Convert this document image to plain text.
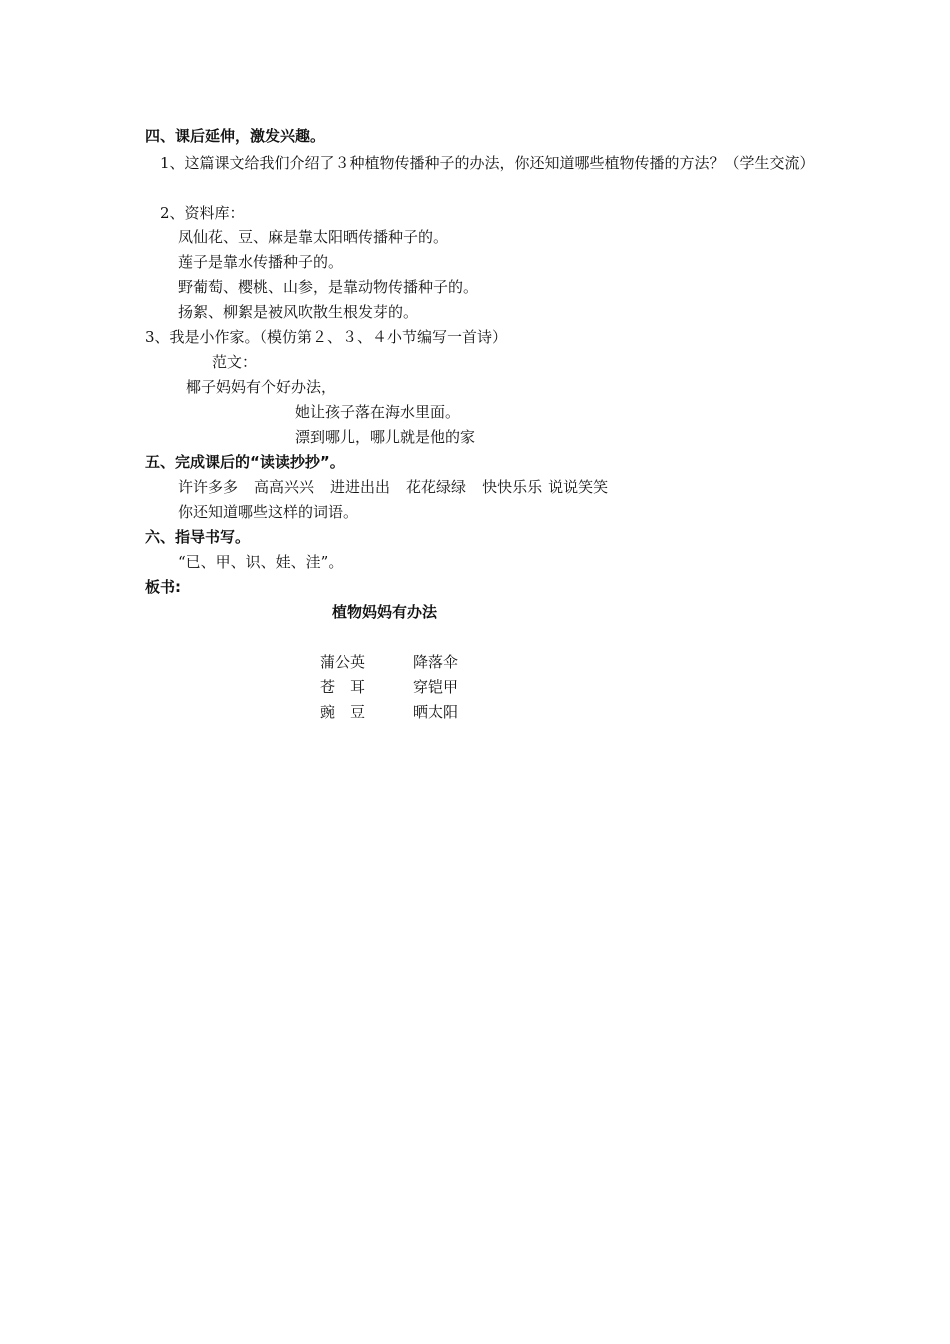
四、课后延伸，激发兴趣。
1、这篇课文给我们介绍了３种植物传播种子的办法，你还知道哪些植物传播的方法？（学生交流）
2、资料库：
凤仙花、豆、麻是靠太阳晒传播种子的。
莲子是靠水传播种子的。
野葡萄、樱桃、山参，是靠动物传播种子的。
扬絮、柳絮是被风吹散生根发芽的。
3、我是小作家。（模仿第２、３、４小节编写一首诗）
范文：
椰子妈妈有个好办法，
她让孩子落在海水里面。
漂到哪儿，哪儿就是他的家
五、完成课后的“读读抄抄”。
许许多多 高高兴兴 进进出出 花花绿绿 快快乐乐 说说笑笑
你还知道哪些这样的词语。
六、指导书写。
“已、甲、识、娃、洼”。
板书:
植物妈妈有办法
蒲公英	降落伞
苍　耳	穿铠甲
豌　豆	晒太阳
